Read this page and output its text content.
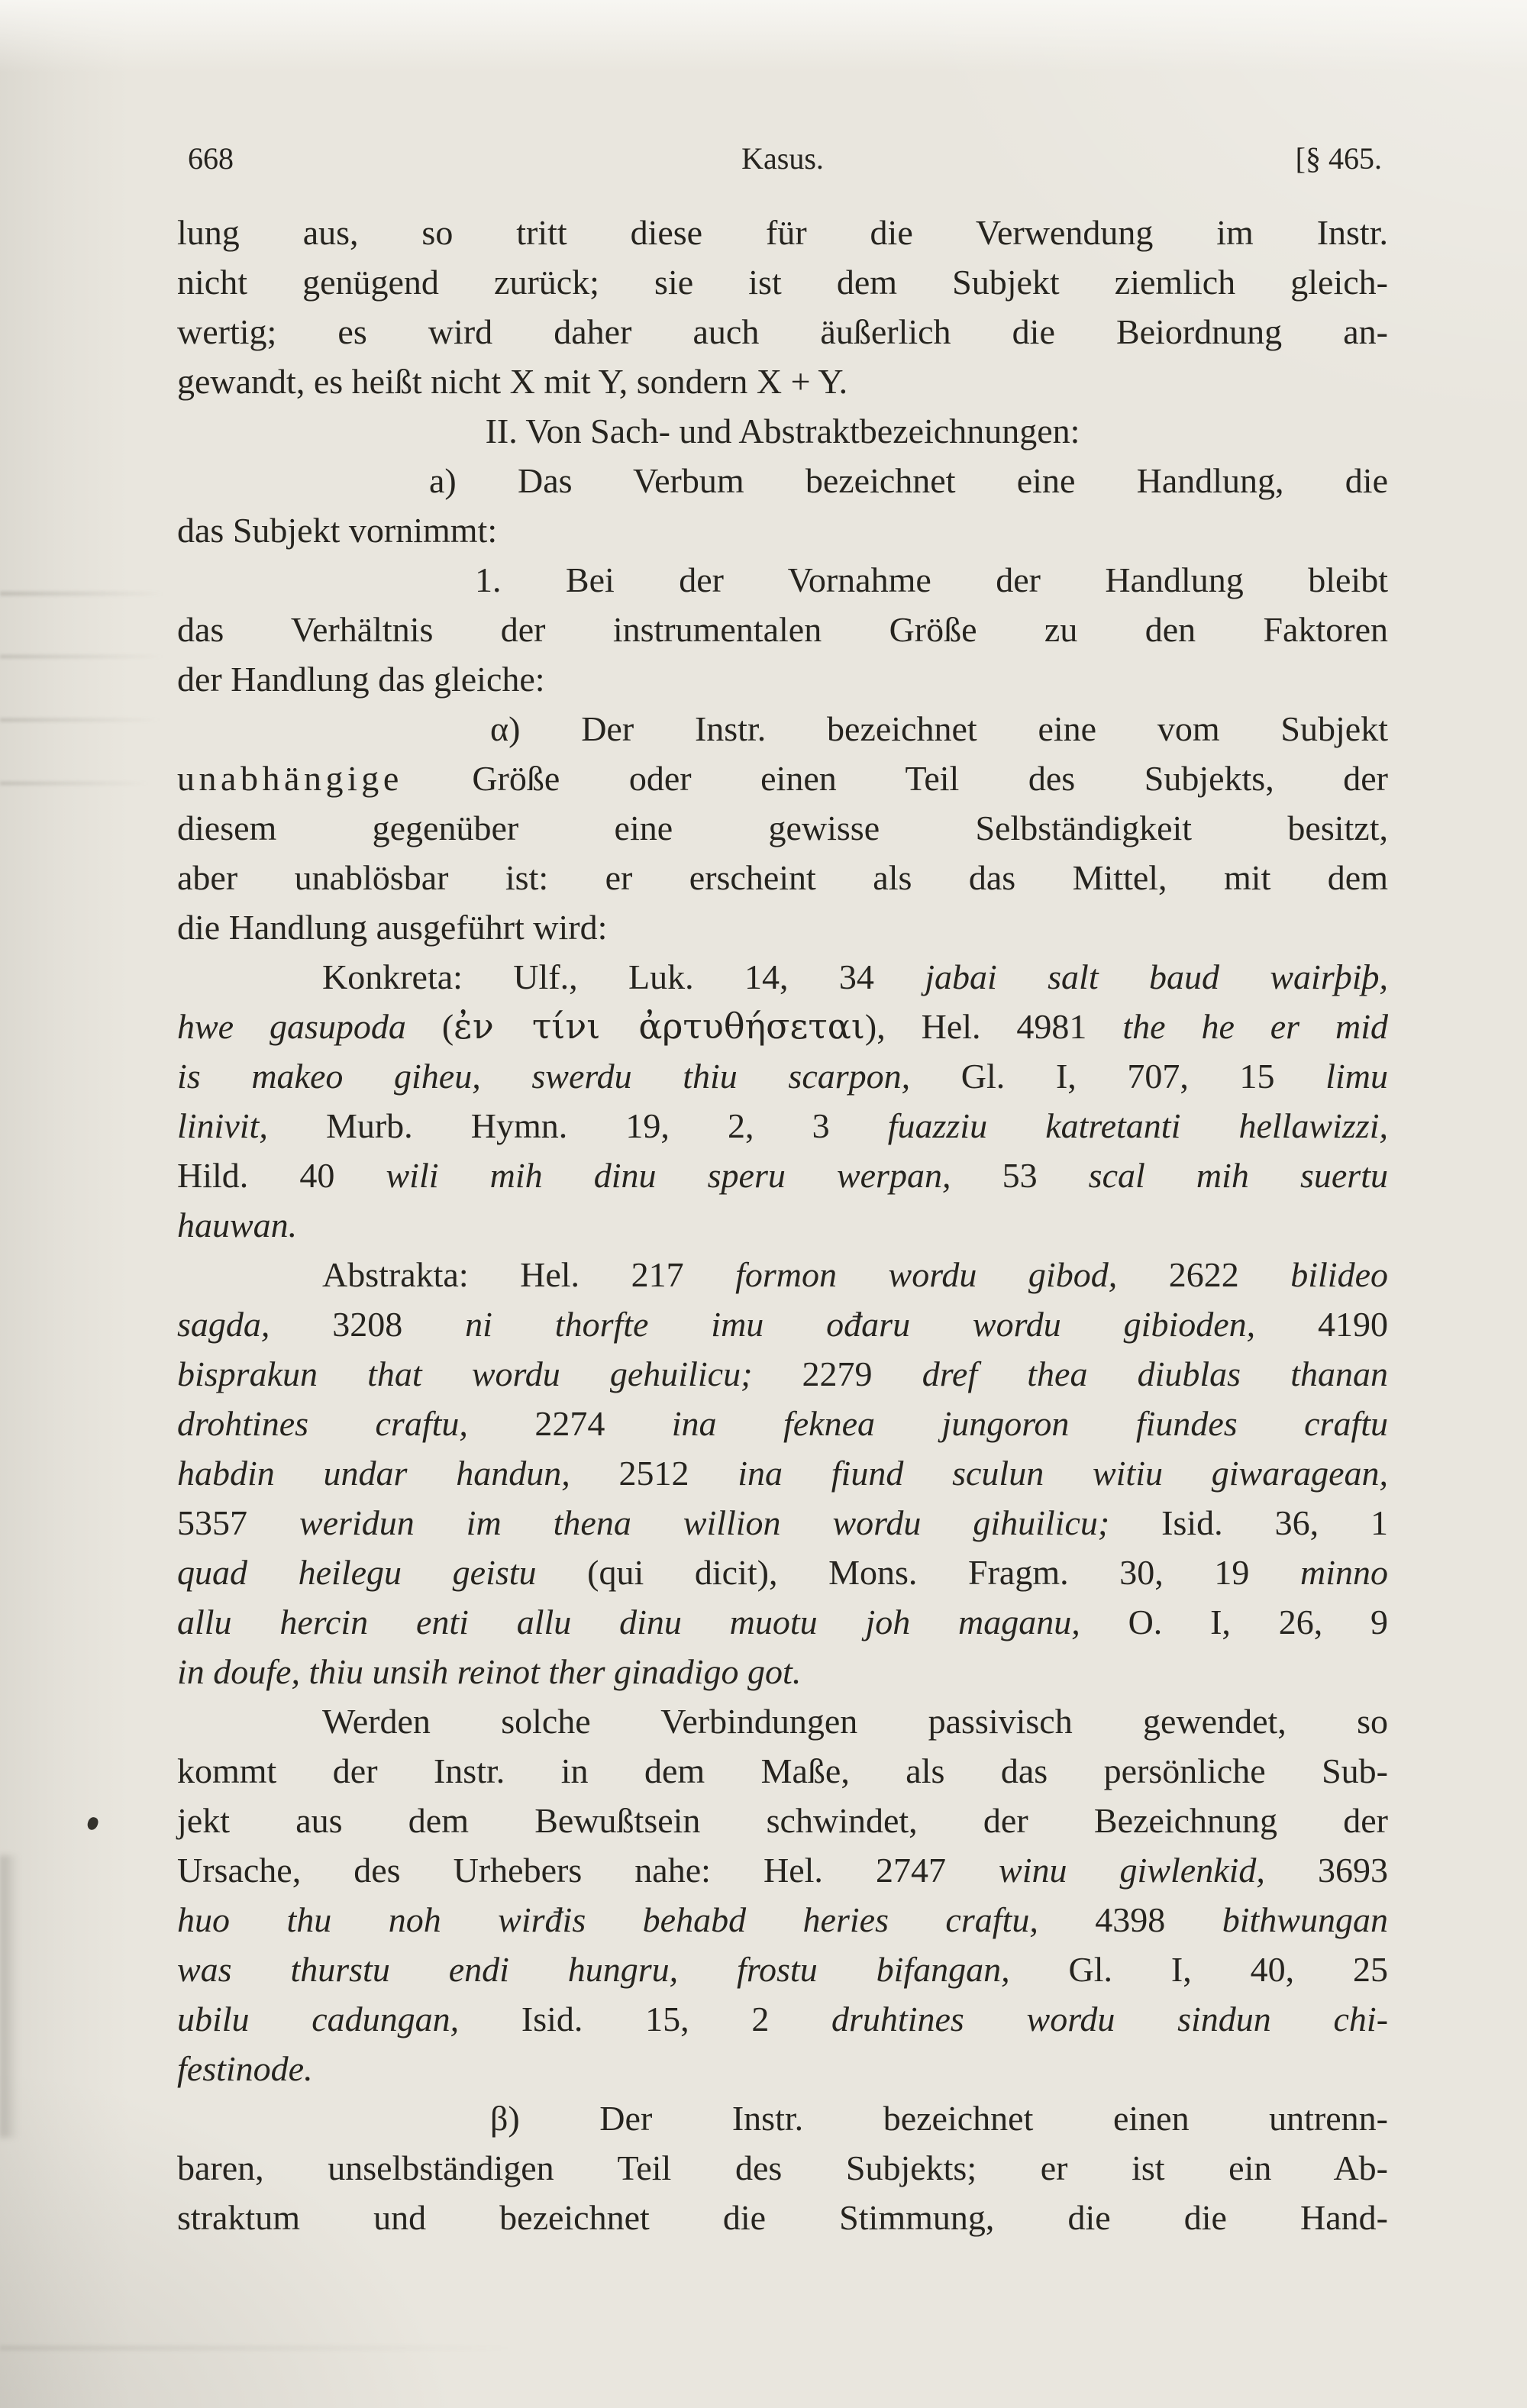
668	Kasus.	[§ 465.
lung aus, so tritt diese für die Verwendung im Instr.
nicht genügend zurück; sie ist dem Subjekt ziemlich gleich-
wertig; es wird daher auch äußerlich die Beiordnung an-
gewandt, es heißt nicht X mit Y, sondern X + Y.
II. Von Sach- und Abstraktbezeichnungen:
a) Das Verbum bezeichnet eine Handlung, die
das Subjekt vornimmt:
1. Bei der Vornahme der Handlung bleibt
das Verhältnis der instrumentalen Größe zu den Faktoren
der Handlung das gleiche:
α) Der Instr. bezeichnet eine vom Subjekt
unabhängige Größe oder einen Teil des Subjekts, der
diesem gegenüber eine gewisse Selbständigkeit besitzt,
aber unablösbar ist: er erscheint als das Mittel, mit dem
die Handlung ausgeführt wird:
Konkreta: Ulf., Luk. 14, 34 jabai salt baud wairþiþ,
hwe gasupoda (ἐν τίνι ἀρτυθήσεται), Hel. 4981 the he er mid
is makeo giheu, swerdu thiu scarpon, Gl. I, 707, 15 limu
linivit, Murb. Hymn. 19, 2, 3 fuazziu katretanti hellawizzi,
Hild. 40 wili mih dinu speru werpan, 53 scal mih suertu
hauwan.
Abstrakta: Hel. 217 formon wordu gibod, 2622 bilideo
sagda, 3208 ni thorfte imu ođaru wordu gibioden, 4190
bisprakun that wordu gehuilicu; 2279 dref thea diublas thanan
drohtines craftu, 2274 ina feknea jungoron fiundes craftu
habdin undar handun, 2512 ina fiund sculun witiu giwaragean,
5357 weridun im thena willion wordu gihuilicu; Isid. 36, 1
quad heilegu geistu (qui dicit), Mons. Fragm. 30, 19 minno
allu hercin enti allu dinu muotu joh maganu, O. I, 26, 9
in doufe, thiu unsih reinot ther ginadigo got.
Werden solche Verbindungen passivisch gewendet, so
kommt der Instr. in dem Maße, als das persönliche Sub-
jekt aus dem Bewußtsein schwindet, der Bezeichnung der
Ursache, des Urhebers nahe: Hel. 2747 winu giwlenkid, 3693
huo thu noh wirđis behabd heries craftu, 4398 bithwungan
was thurstu endi hungru, frostu bifangan, Gl. I, 40, 25
ubilu cadungan, Isid. 15, 2 druhtines wordu sindun chi-
festinode.
β) Der Instr. bezeichnet einen untrenn-
baren, unselbständigen Teil des Subjekts; er ist ein Ab-
straktum und bezeichnet die Stimmung, die die Hand-
